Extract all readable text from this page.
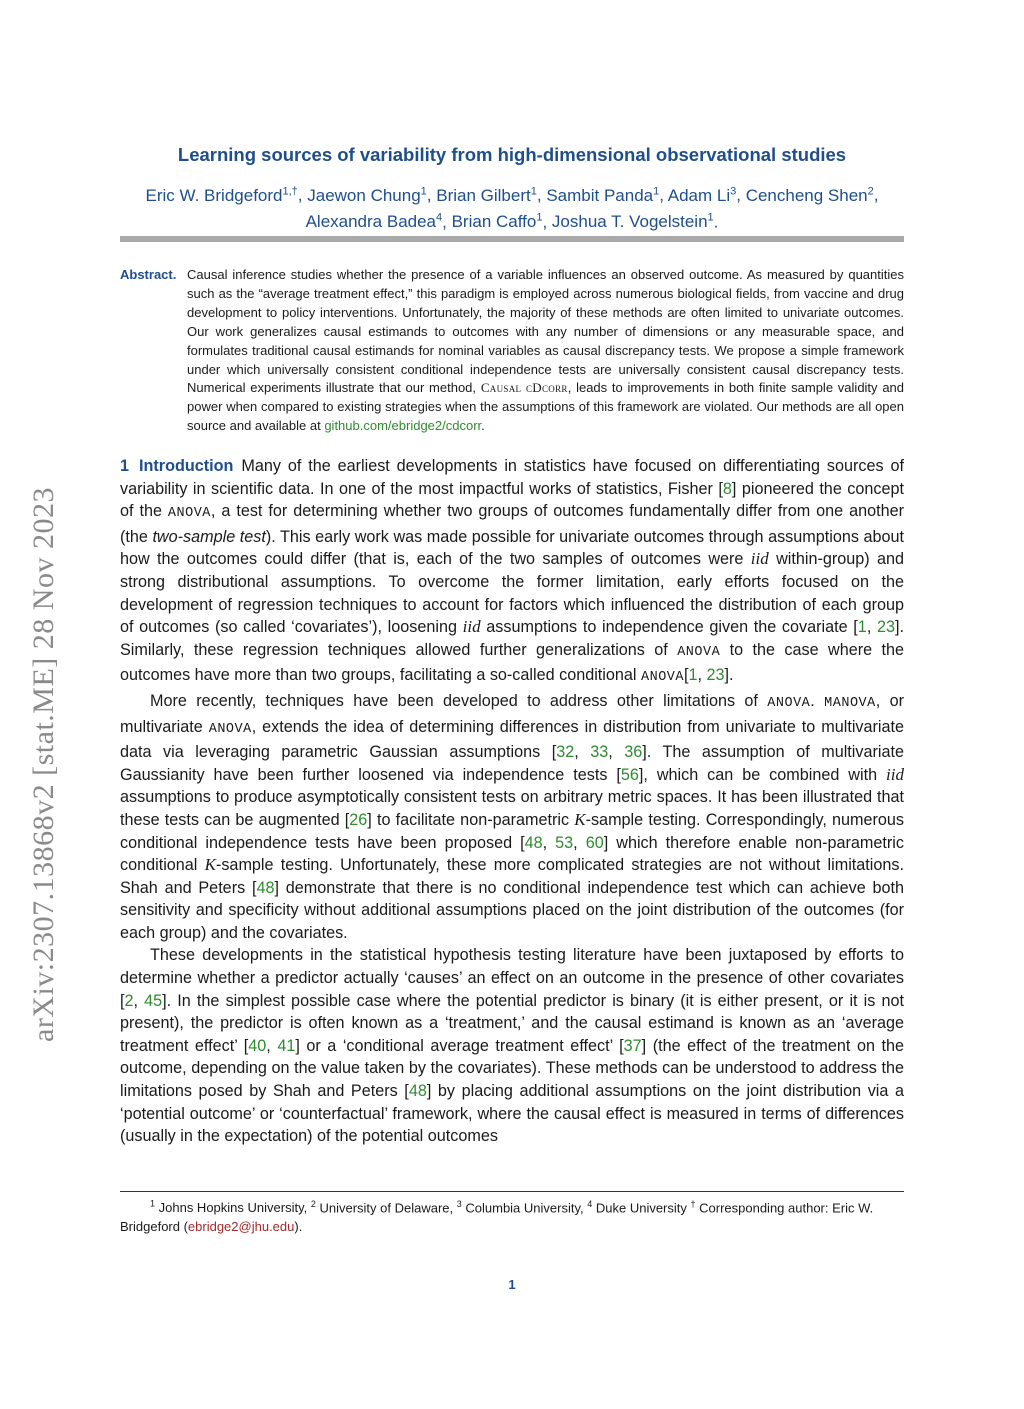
arXiv:2307.13868v2 [stat.ME] 28 Nov 2023
Learning sources of variability from high-dimensional observational studies
Eric W. Bridgeford$^{1,\dagger}$, Jaewon Chung$^1$, Brian Gilbert$^1$, Sambit Panda$^1$, Adam Li$^3$, Cencheng Shen$^2$, Alexandra Badea$^4$, Brian Caffo$^1$, Joshua T. Vogelstein$^1$.
Abstract. Causal inference studies whether the presence of a variable influences an observed outcome. As measured by quantities such as the “average treatment effect,” this paradigm is employed across numerous biological fields, from vaccine and drug development to policy interventions. Unfortunately, the majority of these methods are often limited to univariate outcomes. Our work generalizes causal estimands to outcomes with any number of dimensions or any measurable space, and formulates traditional causal estimands for nominal variables as causal discrepancy tests. We propose a simple framework under which universally consistent conditional independence tests are universally consistent causal discrepancy tests. Numerical experiments illustrate that our method, Causal cDcorr, leads to improvements in both finite sample validity and power when compared to existing strategies when the assumptions of this framework are violated. Our methods are all open source and available at github.com/ebridge2/cdcorr.

1 Introduction Many of the earliest developments in statistics have focused on differentiating sources of variability in scientific data. In one of the most impactful works of statistics, Fisher [8] pioneered the concept of the ANOVA, a test for determining whether two groups of outcomes fundamentally differ from one another (the two-sample test). This early work was made possible for univariate outcomes through assumptions about how the outcomes could differ (that is, each of the two samples of outcomes were iid within-group) and strong distributional assumptions. To overcome the former limitation, early efforts focused on the development of regression techniques to account for factors which influenced the distribution of each group of outcomes (so called ‘covariates’), loosening iid assumptions to independence given the covariate [1, 23]. Similarly, these regression techniques allowed further generalizations of ANOVA to the case where the outcomes have more than two groups, facilitating a so-called conditional ANOVA[1, 23].

More recently, techniques have been developed to address other limitations of ANOVA. MANOVA, or multivariate ANOVA, extends the idea of determining differences in distribution from univariate to multivariate data via leveraging parametric Gaussian assumptions [32, 33, 36]. The assumption of multivariate Gaussianity have been further loosened via independence tests [56], which can be combined with iid assumptions to produce asymptotically consistent tests on arbitrary metric spaces. It has been illustrated that these tests can be augmented [26] to facilitate non-parametric K-sample testing. Correspondingly, numerous conditional independence tests have been proposed [48, 53, 60] which therefore enable non-parametric conditional K-sample testing. Unfortunately, these more complicated strategies are not without limitations. Shah and Peters [48] demonstrate that there is no conditional independence test which can achieve both sensitivity and specificity without additional assumptions placed on the joint distribution of the outcomes (for each group) and the covariates.

These developments in the statistical hypothesis testing literature have been juxtaposed by efforts to determine whether a predictor actually ‘causes’ an effect on an outcome in the presence of other covariates [2, 45]. In the simplest possible case where the potential predictor is binary (it is either present, or it is not present), the predictor is often known as a ‘treatment,’ and the causal estimand is known as an ‘average treatment effect’ [40, 41] or a ‘conditional average treatment effect’ [37] (the effect of the treatment on the outcome, depending on the value taken by the covariates). These methods can be understood to address the limitations posed by Shah and Peters [48] by placing additional assumptions on the joint distribution via a ‘potential outcome’ or ‘counterfactual’ framework, where the causal effect is measured in terms of differences (usually in the expectation) of the potential outcomes

$^1$ Johns Hopkins University, $^2$ University of Delaware, $^3$ Columbia University, $^4$ Duke University † Corresponding author: Eric W. Bridgeford (ebridge2@jhu.edu).
1
